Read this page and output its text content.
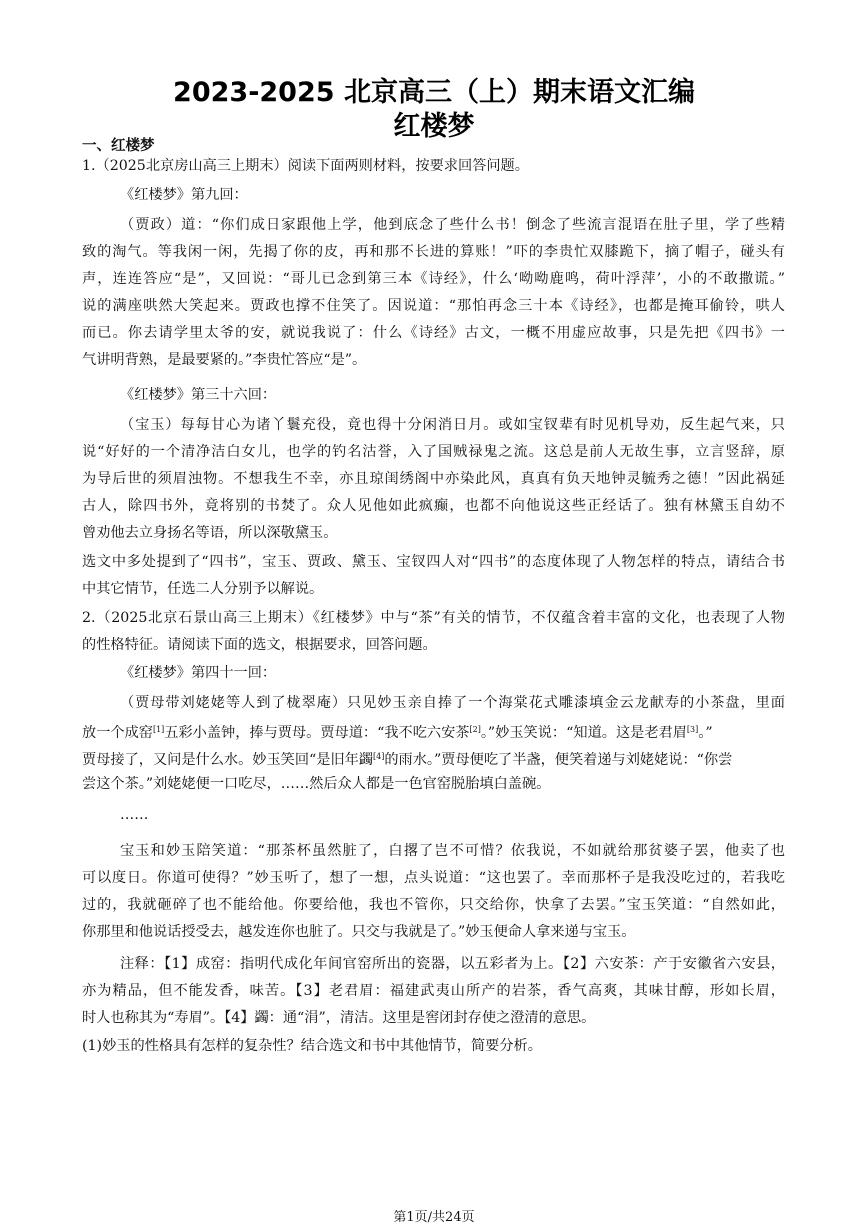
2023-2025 北京高三（上）期末语文汇编
红楼梦
一、红楼梦
1.（2025北京房山高三上期末）阅读下面两则材料，按要求回答问题。
《红楼梦》第九回：
（贾政）道：“你们成日家跟他上学，他到底念了些什么书！倒念了些流言混语在肚子里，学了些精
致的淘气。等我闲一闲，先揭了你的皮，再和那不长进的算账！”吓的李贵忙双膝跪下，摘了帽子，碰头有
声，连连答应“是”，又回说：“哥儿已念到第三本《诗经》，什么‘呦呦鹿鸣，荷叶浮萍’，小的不敢撒谎。”
说的满座哄然大笑起来。贾政也撑不住笑了。因说道：“那怕再念三十本《诗经》，也都是掩耳偷铃，哄人
而已。你去请学里太爷的安，就说我说了：什么《诗经》古文，一概不用虚应故事，只是先把《四书》一
气讲明背熟，是最要紧的。”李贵忙答应“是”。
《红楼梦》第三十六回：
（宝玉）每每甘心为诸丫鬟充役，竟也得十分闲消日月。或如宝钗辈有时见机导劝，反生起气来，只
说“好好的一个清净洁白女儿，也学的钓名沽誉，入了国贼禄鬼之流。这总是前人无故生事，立言竖辞，原
为导后世的须眉浊物。不想我生不幸，亦且琼闺绣阁中亦染此风，真真有负天地钟灵毓秀之德！”因此祸延
古人，除四书外，竟将别的书焚了。众人见他如此疯癫，也都不向他说这些正经话了。独有林黛玉自幼不
曾劝他去立身扬名等语，所以深敬黛玉。
选文中多处提到了“四书”，宝玉、贾政、黛玉、宝钗四人对“四书”的态度体现了人物怎样的特点，请结合书
中其它情节，任选二人分别予以解说。
2.（2025北京石景山高三上期末）《红楼梦》中与“茶”有关的情节，不仅蕴含着丰富的文化，也表现了人物
的性格特征。请阅读下面的选文，根据要求，回答问题。
《红楼梦》第四十一回：
（贾母带刘姥姥等人到了栊翠庵）只见妙玉亲自捧了一个海棠花式雕漆填金云龙献寿的小茶盘，里面
放一个成窑[1]五彩小盖钟，捧与贾母。贾母道：“我不吃六安茶[2]。”妙玉笑说：“知道。这是老君眉[3]。”
贾母接了，又问是什么水。妙玉笑回“是旧年蠲[4]的雨水。”贾母便吃了半盏，便笑着递与刘姥姥说：“你尝
尝这个茶。”刘姥姥便一口吃尽，……然后众人都是一色官窑脱胎填白盖碗。
……
宝玉和妙玉陪笑道：“那茶杯虽然脏了，白撂了岂不可惜？依我说，不如就给那贫婆子罢，他卖了也
可以度日。你道可使得？”妙玉听了，想了一想，点头说道：“这也罢了。幸而那杯子是我没吃过的，若我吃
过的，我就砸碎了也不能给他。你要给他，我也不管你，只交给你，快拿了去罢。”宝玉笑道：“自然如此，
你那里和他说话授受去，越发连你也脏了。只交与我就是了。”妙玉便命人拿来递与宝玉。
注释：【1】成窑：指明代成化年间官窑所出的瓷器，以五彩者为上。【2】六安茶：产于安徽省六安县，
亦为精品，但不能发香，味苦。【3】老君眉：福建武夷山所产的岩茶，香气高爽，其味甘醇，形如长眉，
时人也称其为“寿眉”。【4】蠲：通“涓”，清洁。这里是窖闭封存使之澄清的意思。
(1)妙玉的性格具有怎样的复杂性？结合选文和书中其他情节，简要分析。
第1页/共24页
